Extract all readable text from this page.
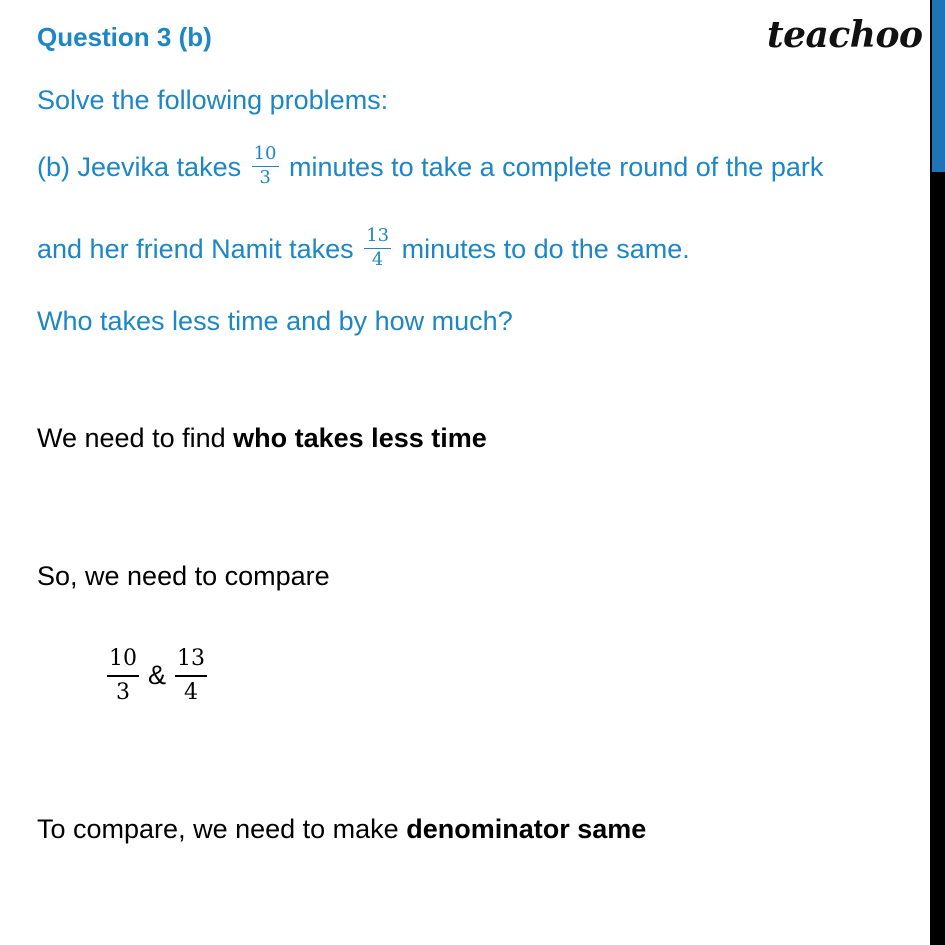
Question 3 (b)	teachoo
Solve the following problems:
(b) Jeevika takes $\frac{10}{3}$ minutes to take a complete round of the park
and her friend Namit takes $\frac{13}{4}$ minutes to do the same.
Who takes less time and by how much?
We need to find who takes less time
So, we need to compare
$\frac{10}{3}$ & $\frac{13}{4}$
To compare, we need to make denominator same
